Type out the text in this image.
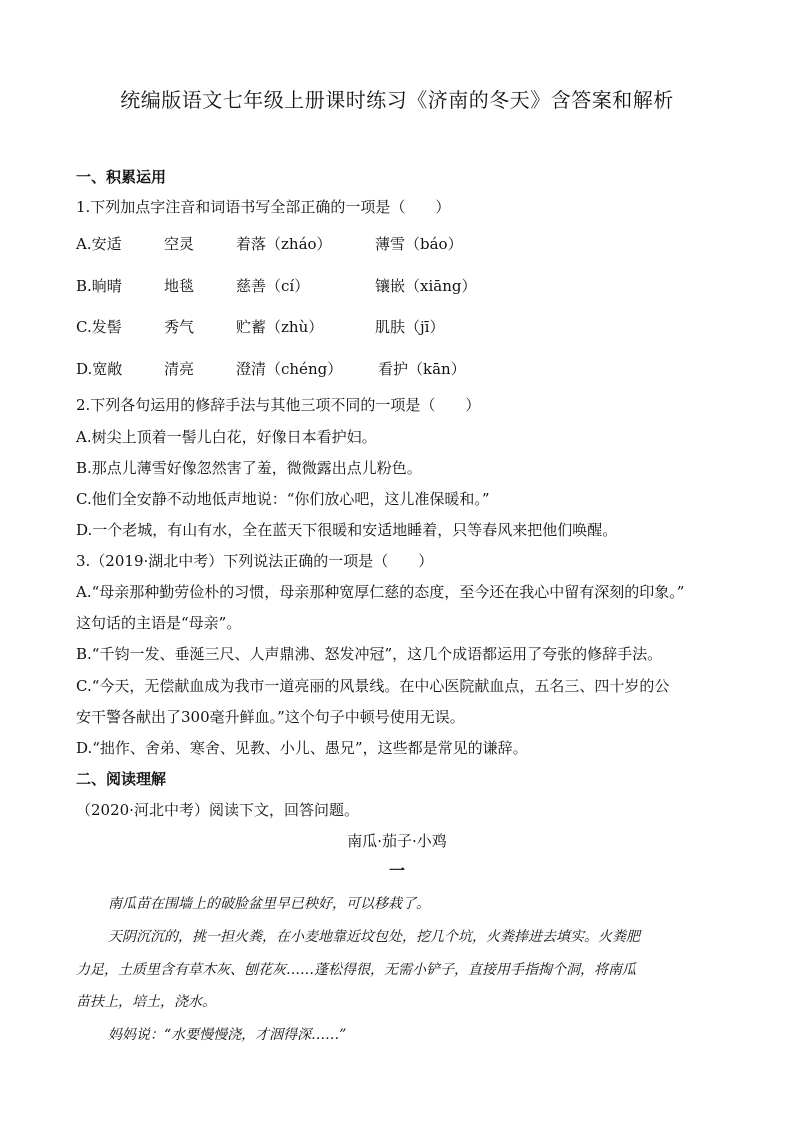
统编版语文七年级上册课时练习《济南的冬天》含答案和解析
一、积累运用
1.下列加点字注音和词语书写全部正确的一项是（　　）
A.安适	空灵	着落（zháo）	薄雪（báo）
B.晌晴	地毯	慈善（cí）	镶嵌（xiāng）
C.发髻	秀气	贮蓄（zhù）	肌肤（jī）
D.宽敞	清亮	澄清（chéng） 看护（kān）
2.下列各句运用的修辞手法与其他三项不同的一项是（　　）
A.树尖上顶着一髻儿白花，好像日本看护妇。
B.那点儿薄雪好像忽然害了羞，微微露出点儿粉色。
C.他们全安静不动地低声地说：“你们放心吧，这儿准保暖和。”
D.一个老城，有山有水，全在蓝天下很暖和安适地睡着，只等春风来把他们唤醒。
3.（2019·湖北中考）下列说法正确的一项是（　　）
A.“母亲那种勤劳俭朴的习惯，母亲那种宽厚仁慈的态度，至今还在我心中留有深刻的印象。”
这句话的主语是“母亲”。
B.“千钧一发、垂涎三尺、人声鼎沸、怒发冲冠”，这几个成语都运用了夸张的修辞手法。
C.“今天，无偿献血成为我市一道亮丽的风景线。在中心医院献血点，五名三、四十岁的公
安干警各献出了300毫升鲜血。”这个句子中顿号使用无误。
D.“拙作、舍弟、寒舍、见教、小儿、愚兄”，这些都是常见的谦辞。
二、阅读理解
（2020·河北中考）阅读下文，回答问题。
南瓜·茄子·小鸡
一
南瓜苗在围墙上的破脸盆里早已秧好，可以移栽了。
天阴沉沉的，挑一担火粪，在小麦地靠近坟包处，挖几个坑，火粪捧进去填实。火粪肥
力足，土质里含有草木灰、刨花灰……蓬松得很，无需小铲子，直接用手指掏个洞，将南瓜
苗扶上，培土，浇水。
妈妈说：“水要慢慢浇，才洇得深……”
